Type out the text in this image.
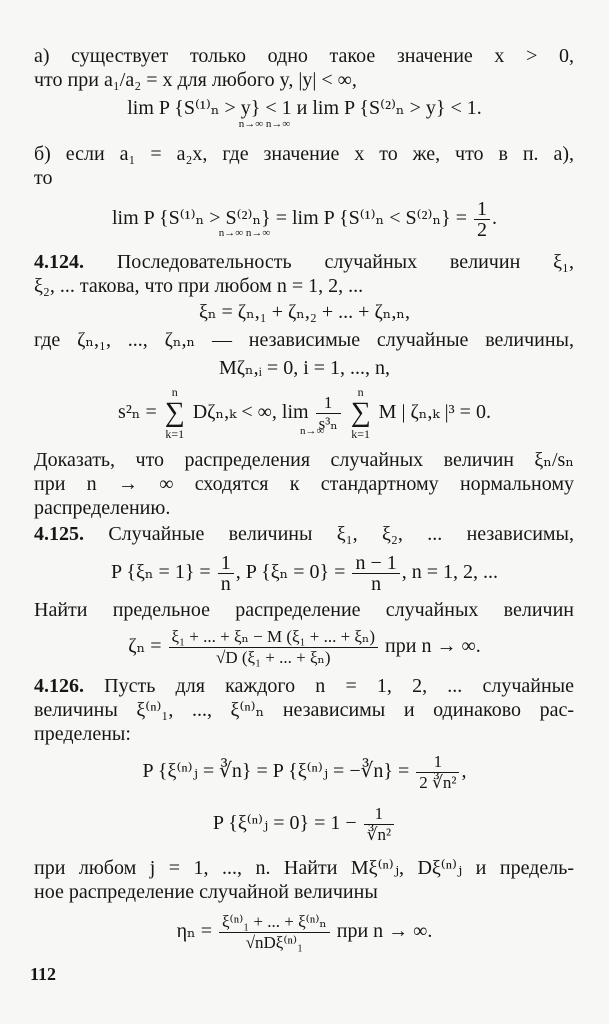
а) существует только одно такое значение x > 0,
что при a₁/a₂ = x для любого y, |y| < ∞,
lim P {S⁽¹⁾ₙ > y} < 1 и lim P {S⁽²⁾ₙ > y} < 1.
n→∞ n→∞
б) если a₁ = a₂x, где значение x то же, что в п. а),
то
lim P {S⁽¹⁾ₙ > S⁽²⁾ₙ} = lim P $\{S^{(1)}_n < S^{(2)}_n\} = \frac{1}{2}$ .
n→∞ n→∞
4.124. Последовательность случайных величин ξ₁,
ξ₂, ... такова, что при любом n = 1, 2, ...
ξₙ = ζₙ,₁ + ζₙ,₂ + ... + ζₙ,ₙ,
где ζₙ,₁, ..., ζₙ,ₙ — независимые случайные величины,
Mζₙ,ᵢ = 0, i = 1, ..., n,
s²ₙ =
n
∑
k=1
Dζₙ,ₖ < ∞, $\lim \frac{1}{\text{s³ₙ}}$

n
∑
k=1
M | ζₙ,ₖ |³ = 0.
n→∞
Доказать, что распределения случайных величин ξₙ/sₙ
при n → ∞ сходятся к стандартному нормальному
распределению.
4.125. Случайные величины ξ₁, ξ₂, ... независимы,
P $\{\xi_n = 1\} = \frac{1}{n}$ , P $\{\xi_n = 0\} = \frac{n - 1}{n}$ , n = 1, 2, ...
Найти предельное распределение случайных величин
$\zeta_n = \frac{\text{ξ₁ + ... + ξₙ − M (ξ₁ + ... + ξₙ)}}{\text{√D (ξ₁ + ... + ξₙ)}}$ при n → ∞.
4.126. Пусть для каждого n = 1, 2, ... случайные
величины ξ⁽ⁿ⁾₁, ..., ξ⁽ⁿ⁾ₙ независимы и одинаково рас-
пределены:
P {ξ⁽ⁿ⁾ⱼ = ∛n} = P {ξ⁽ⁿ⁾ⱼ = −∛n} = $\frac{1}{\text{2 ∛n²}}$ ,
P {ξ⁽ⁿ⁾ⱼ = $0\} = 1 - \frac{1}{\text{∛n²}}$
при любом j = 1, ..., n. Найти Mξ⁽ⁿ⁾ⱼ, Dξ⁽ⁿ⁾ⱼ и предель-
ное распределение случайной величины
$\eta_n = \frac{\text{ξ⁽ⁿ⁾₁ + ... + ξ⁽ⁿ⁾ₙ}}{\text{√nDξ⁽ⁿ⁾₁}}$ при n → ∞.
112
